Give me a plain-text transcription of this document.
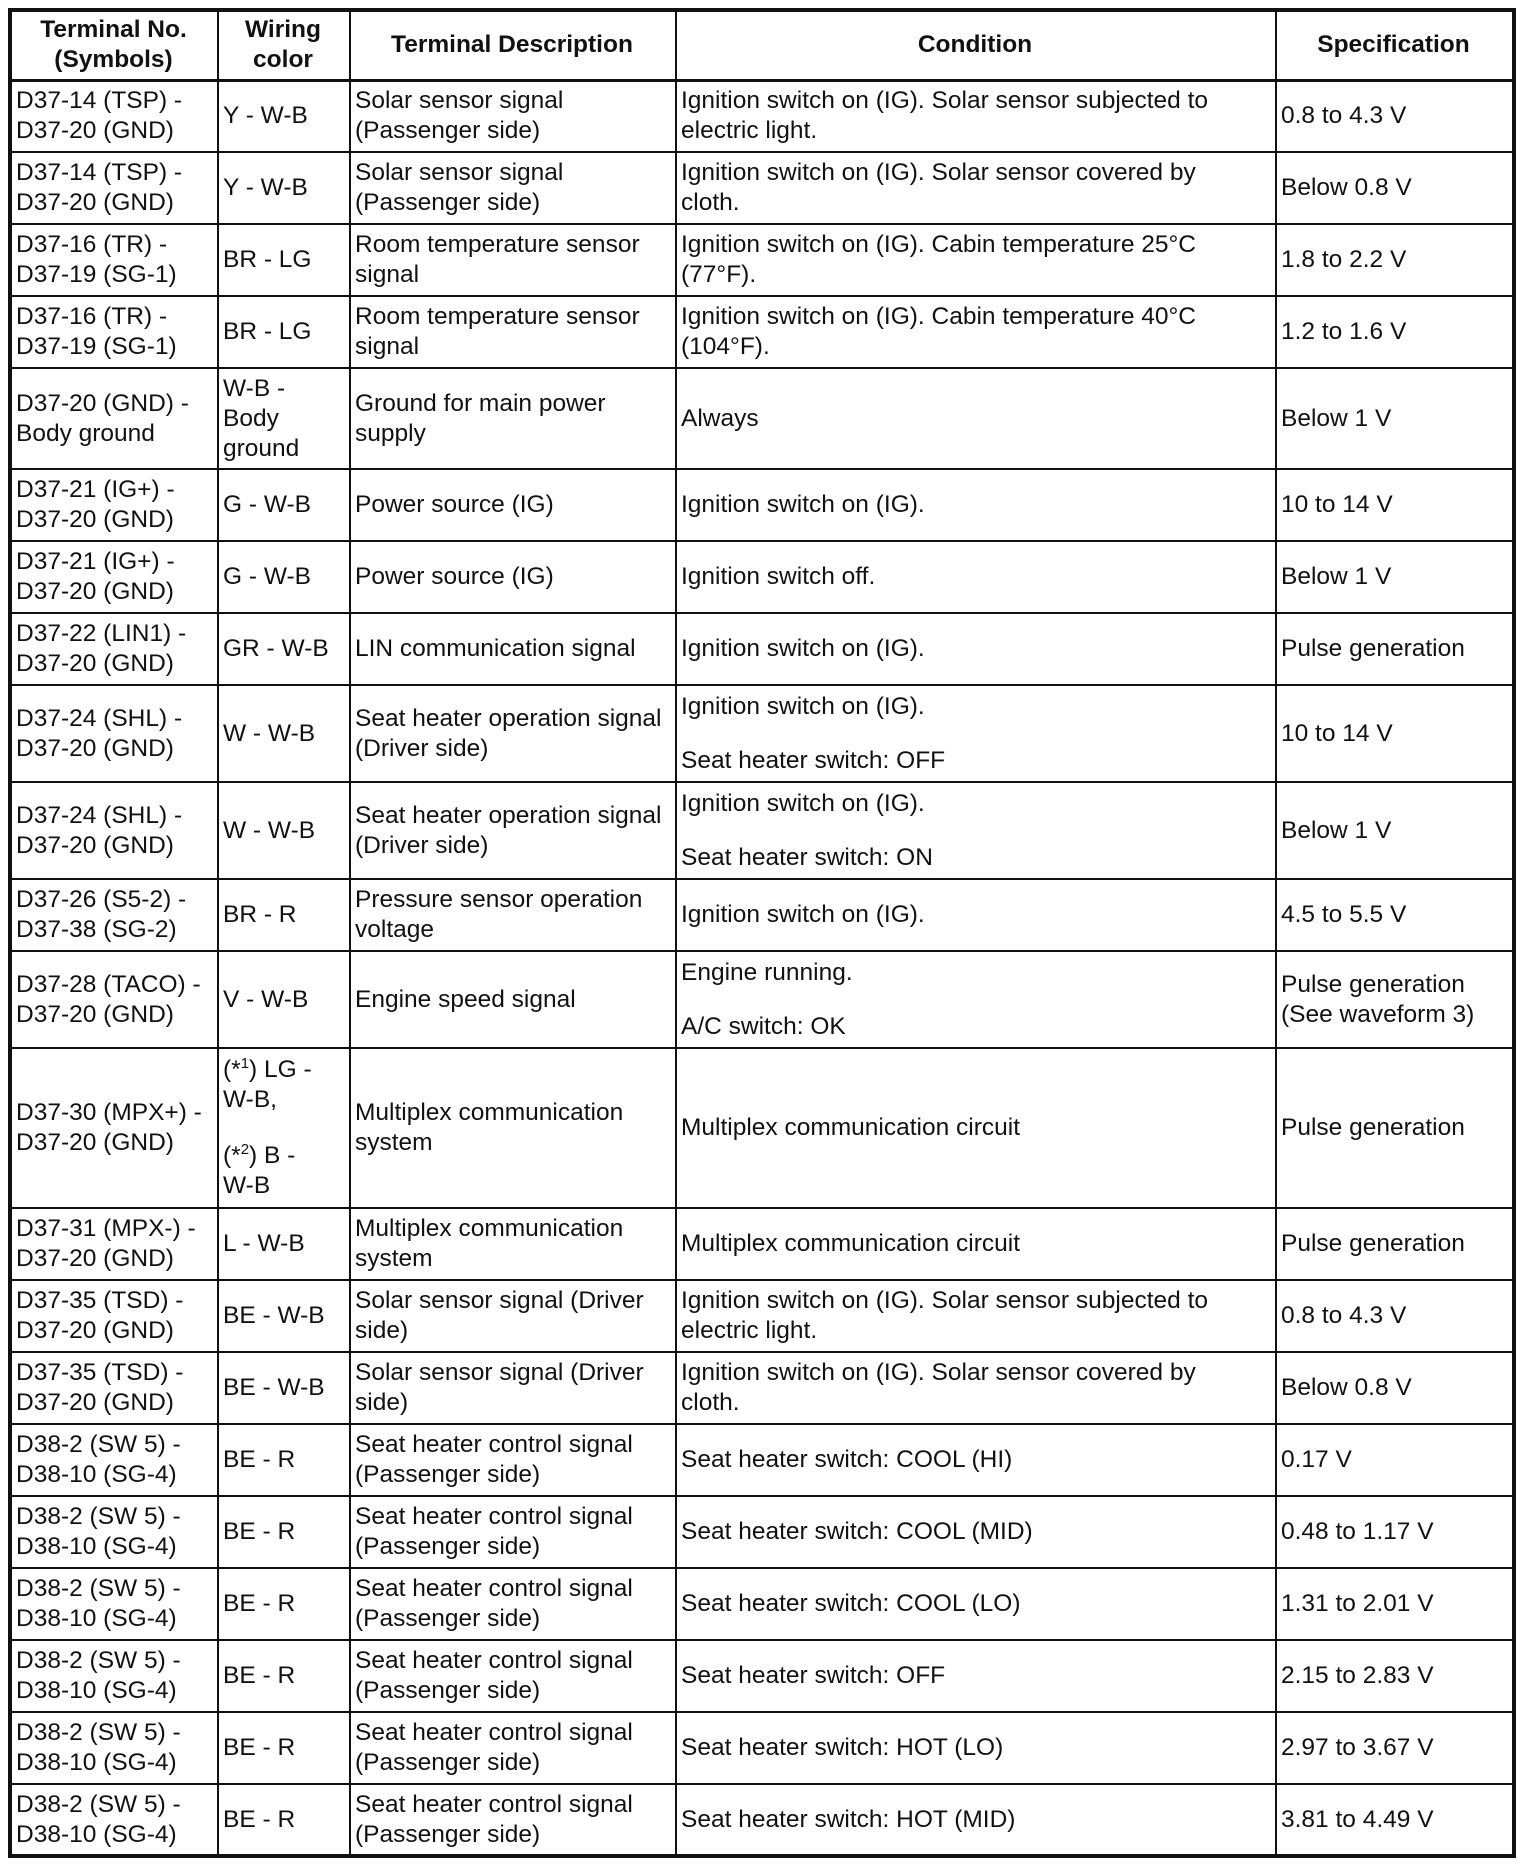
Terminal No.
(Symbols)	Wiring
color	Terminal Description	Condition	Specification

D37-14 (TSP) -
D37-20 (GND)	Y - W-B	Solar sensor signal
(Passenger side)	Ignition switch on (IG). Solar sensor subjected to
electric light.	0.8 to 4.3 V

D37-14 (TSP) -
D37-20 (GND)	Y - W-B	Solar sensor signal
(Passenger side)	Ignition switch on (IG). Solar sensor covered by
cloth.	Below 0.8 V

D37-16 (TR) -
D37-19 (SG-1)	BR - LG	Room temperature sensor
signal	Ignition switch on (IG). Cabin temperature 25°C
(77°F).	1.8 to 2.2 V

D37-16 (TR) -
D37-19 (SG-1)	BR - LG	Room temperature sensor
signal	Ignition switch on (IG). Cabin temperature 40°C
(104°F).	1.2 to 1.6 V

D37-20 (GND) -
Body ground	W-B -
Body
ground	Ground for main power
supply	Always	Below 1 V

D37-21 (IG+) -
D37-20 (GND)	G - W-B	Power source (IG)	Ignition switch on (IG).	10 to 14 V

D37-21 (IG+) -
D37-20 (GND)	G - W-B	Power source (IG)	Ignition switch off.	Below 1 V

D37-22 (LIN1) -
D37-20 (GND)	GR - W-B	LIN communication signal	Ignition switch on (IG).	Pulse generation

D37-24 (SHL) -
D37-20 (GND)	W - W-B	Seat heater operation signal
(Driver side)	Ignition switch on (IG).
Seat heater switch: OFF	10 to 14 V

D37-24 (SHL) -
D37-20 (GND)	W - W-B	Seat heater operation signal
(Driver side)	Ignition switch on (IG).
Seat heater switch: ON	Below 1 V

D37-26 (S5-2) -
D37-38 (SG-2)	BR - R	Pressure sensor operation
voltage	Ignition switch on (IG).	4.5 to 5.5 V

D37-28 (TACO) -
D37-20 (GND)	V - W-B	Engine speed signal	Engine running.
A/C switch: OK	Pulse generation
(See waveform 3)

D37-30 (MPX+) -
D37-20 (GND)	(*$^1$) LG -
W-B,
(*$^2$) B -
W-B	Multiplex communication
system	Multiplex communication circuit	Pulse generation

D37-31 (MPX-) -
D37-20 (GND)	L - W-B	Multiplex communication
system	Multiplex communication circuit	Pulse generation

D37-35 (TSD) -
D37-20 (GND)	BE - W-B	Solar sensor signal (Driver
side)	Ignition switch on (IG). Solar sensor subjected to
electric light.	0.8 to 4.3 V

D37-35 (TSD) -
D37-20 (GND)	BE - W-B	Solar sensor signal (Driver
side)	Ignition switch on (IG). Solar sensor covered by
cloth.	Below 0.8 V

D38-2 (SW 5) -
D38-10 (SG-4)	BE - R	Seat heater control signal
(Passenger side)	Seat heater switch: COOL (HI)	0.17 V

D38-2 (SW 5) -
D38-10 (SG-4)	BE - R	Seat heater control signal
(Passenger side)	Seat heater switch: COOL (MID)	0.48 to 1.17 V

D38-2 (SW 5) -
D38-10 (SG-4)	BE - R	Seat heater control signal
(Passenger side)	Seat heater switch: COOL (LO)	1.31 to 2.01 V

D38-2 (SW 5) -
D38-10 (SG-4)	BE - R	Seat heater control signal
(Passenger side)	Seat heater switch: OFF	2.15 to 2.83 V

D38-2 (SW 5) -
D38-10 (SG-4)	BE - R	Seat heater control signal
(Passenger side)	Seat heater switch: HOT (LO)	2.97 to 3.67 V

D38-2 (SW 5) -
D38-10 (SG-4)	BE - R	Seat heater control signal
(Passenger side)	Seat heater switch: HOT (MID)	3.81 to 4.49 V
